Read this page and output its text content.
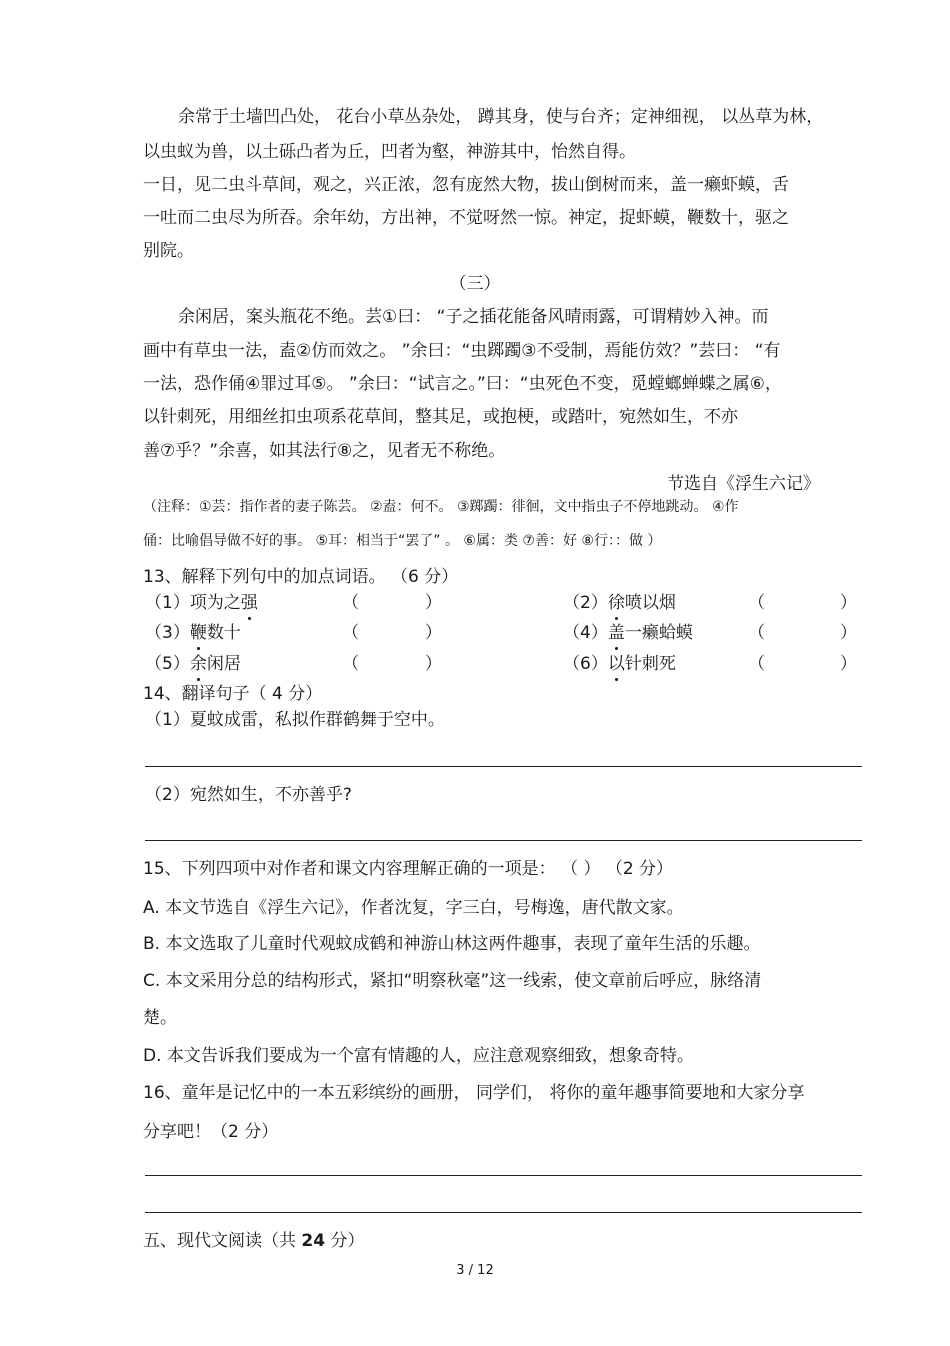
余常于土墙凹凸处， 花台小草丛杂处， 蹲其身，使与台齐；定神细视， 以丛草为林，
以虫蚁为兽，以土砾凸者为丘，凹者为壑，神游其中，怡然自得。
一日，见二虫斗草间，观之，兴正浓，忽有庞然大物，拔山倒树而来，盖一癞虾蟆，舌
一吐而二虫尽为所吞。余年幼，方出神，不觉呀然一惊。神定，捉虾蟆，鞭数十，驱之
别院。
（三）
余闲居，案头瓶花不绝。芸①曰： “子之插花能备风晴雨露，可谓精妙入神。而
画中有草虫一法，盍②仿而效之。 ”余曰：“虫踯躅③不受制，焉能仿效？”芸曰： “有
一法，恐作俑④罪过耳⑤。 ”余曰：“试言之。”曰：“虫死色不变，觅螳螂蝉蝶之属⑥，
以针刺死，用细丝扣虫项系花草间，整其足，或抱梗，或踏叶，宛然如生，不亦
善⑦乎？”余喜，如其法行⑧之，见者无不称绝。
节选自《浮生六记》
（注释：①芸：指作者的妻子陈芸。 ②盍：何不。 ③踯躅：徘徊，文中指虫子不停地跳动。 ④作
俑：比喻倡导做不好的事。 ⑤耳：相当于“罢了” 。 ⑥属：类 ⑦善：好 ⑧行：：做 ）
13、解释下列句中的加点词语。 （6 分）
（1）项为之强	（	）	（2）徐喷以烟	（	）
（3）鞭数十	（	）	（4）盖一癞蛤蟆	（	）
（5）余闲居	（	）	（6）以针刺死	（	）
14、翻译句子（ 4 分）
（1）夏蚊成雷，私拟作群鹤舞于空中。
（2）宛然如生，不亦善乎?
15、下列四项中对作者和课文内容理解正确的一项是： （ ） （2 分）
A. 本文节选自《浮生六记》，作者沈复，字三白，号梅逸，唐代散文家。
B. 本文选取了儿童时代观蚊成鹤和神游山林这两件趣事，表现了童年生活的乐趣。
C. 本文采用分总的结构形式，紧扣“明察秋毫”这一线索，使文章前后呼应，脉络清
楚。
D. 本文告诉我们要成为一个富有情趣的人，应注意观察细致，想象奇特。
16、童年是记忆中的一本五彩缤纷的画册， 同学们， 将你的童年趣事简要地和大家分享
分享吧！（2 分）
五、现代文阅读（共 24 分）
3 / 12
